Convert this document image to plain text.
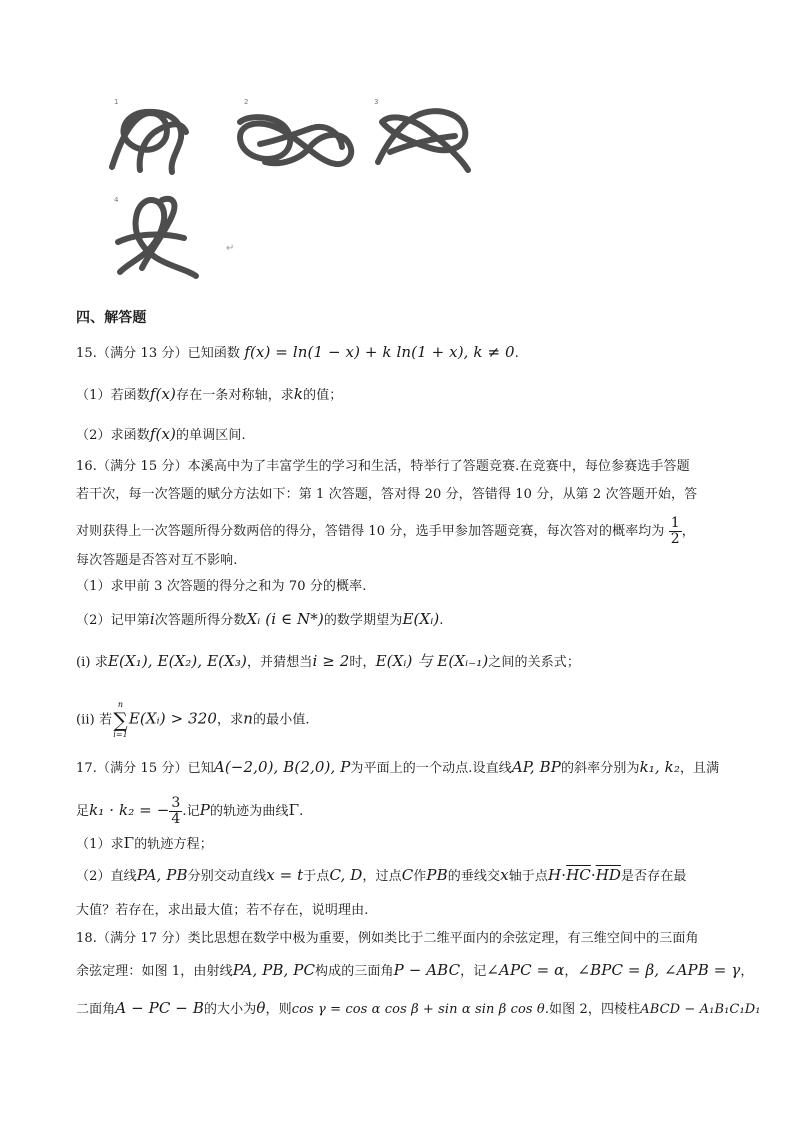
1	2	3
4
↵
四、解答题
15.（满分 13 分）已知函数 f(x) = ln(1 − x) + k ln(1 + x), k ≠ 0.
（1）若函数f(x)存在一条对称轴，求k的值；
（2）求函数f(x)的单调区间.
16.（满分 15 分）本溪高中为了丰富学生的学习和生活，特举行了答题竞赛.在竞赛中，每位参赛选手答题
若干次，每一次答题的赋分方法如下：第 1 次答题，答对得 20 分，答错得 10 分，从第 2 次答题开始，答
对则获得上一次答题所得分数两倍的得分，答错得 10 分，选手甲参加答题竞赛，每次答对的概率均为 $\frac{1}{2}$ ，
每次答题是否答对互不影响.
（1）求甲前 3 次答题的得分之和为 70 分的概率.
（2）记甲第i次答题所得分数Xᵢ (i ∈ N*)的数学期望为E(Xᵢ).
(i) 求E(X₁), E(X₂), E(X₃)，并猜想当i ≥ 2时，E(Xᵢ) 与 E(Xᵢ₋₁)之间的关系式；
(ii) 若
n
∑
i=1
E(Xᵢ) > 320，求n的最小值.
17.（满分 15 分）已知A(−2,0), B(2,0), P为平面上的一个动点.设直线AP, BP的斜率分别为k₁, k₂，且满
足k₁ · k₂ = − $\frac{3}{4}$ .记P的轨迹为曲线Γ.
（1）求Γ的轨迹方程；
（2）直线PA, PB分别交动直线x = t于点C, D，过点C作PB的垂线交x轴于点$H\cdot\overline{HC}\cdot\overline{HD}$是否存在最
大值？若存在，求出最大值；若不存在，说明理由.
18.（满分 17 分）类比思想在数学中极为重要，例如类比于二维平面内的余弦定理，有三维空间中的三面角
余弦定理：如图 1，由射线PA, PB, PC构成的三面角P − ABC，记∠APC = α，∠BPC = β, ∠APB = γ，
二面角A − PC − B的大小为θ，则cos γ = cos α cos β + sin α sin β cos θ.如图 2，四棱柱ABCD − A₁B₁C₁D₁
